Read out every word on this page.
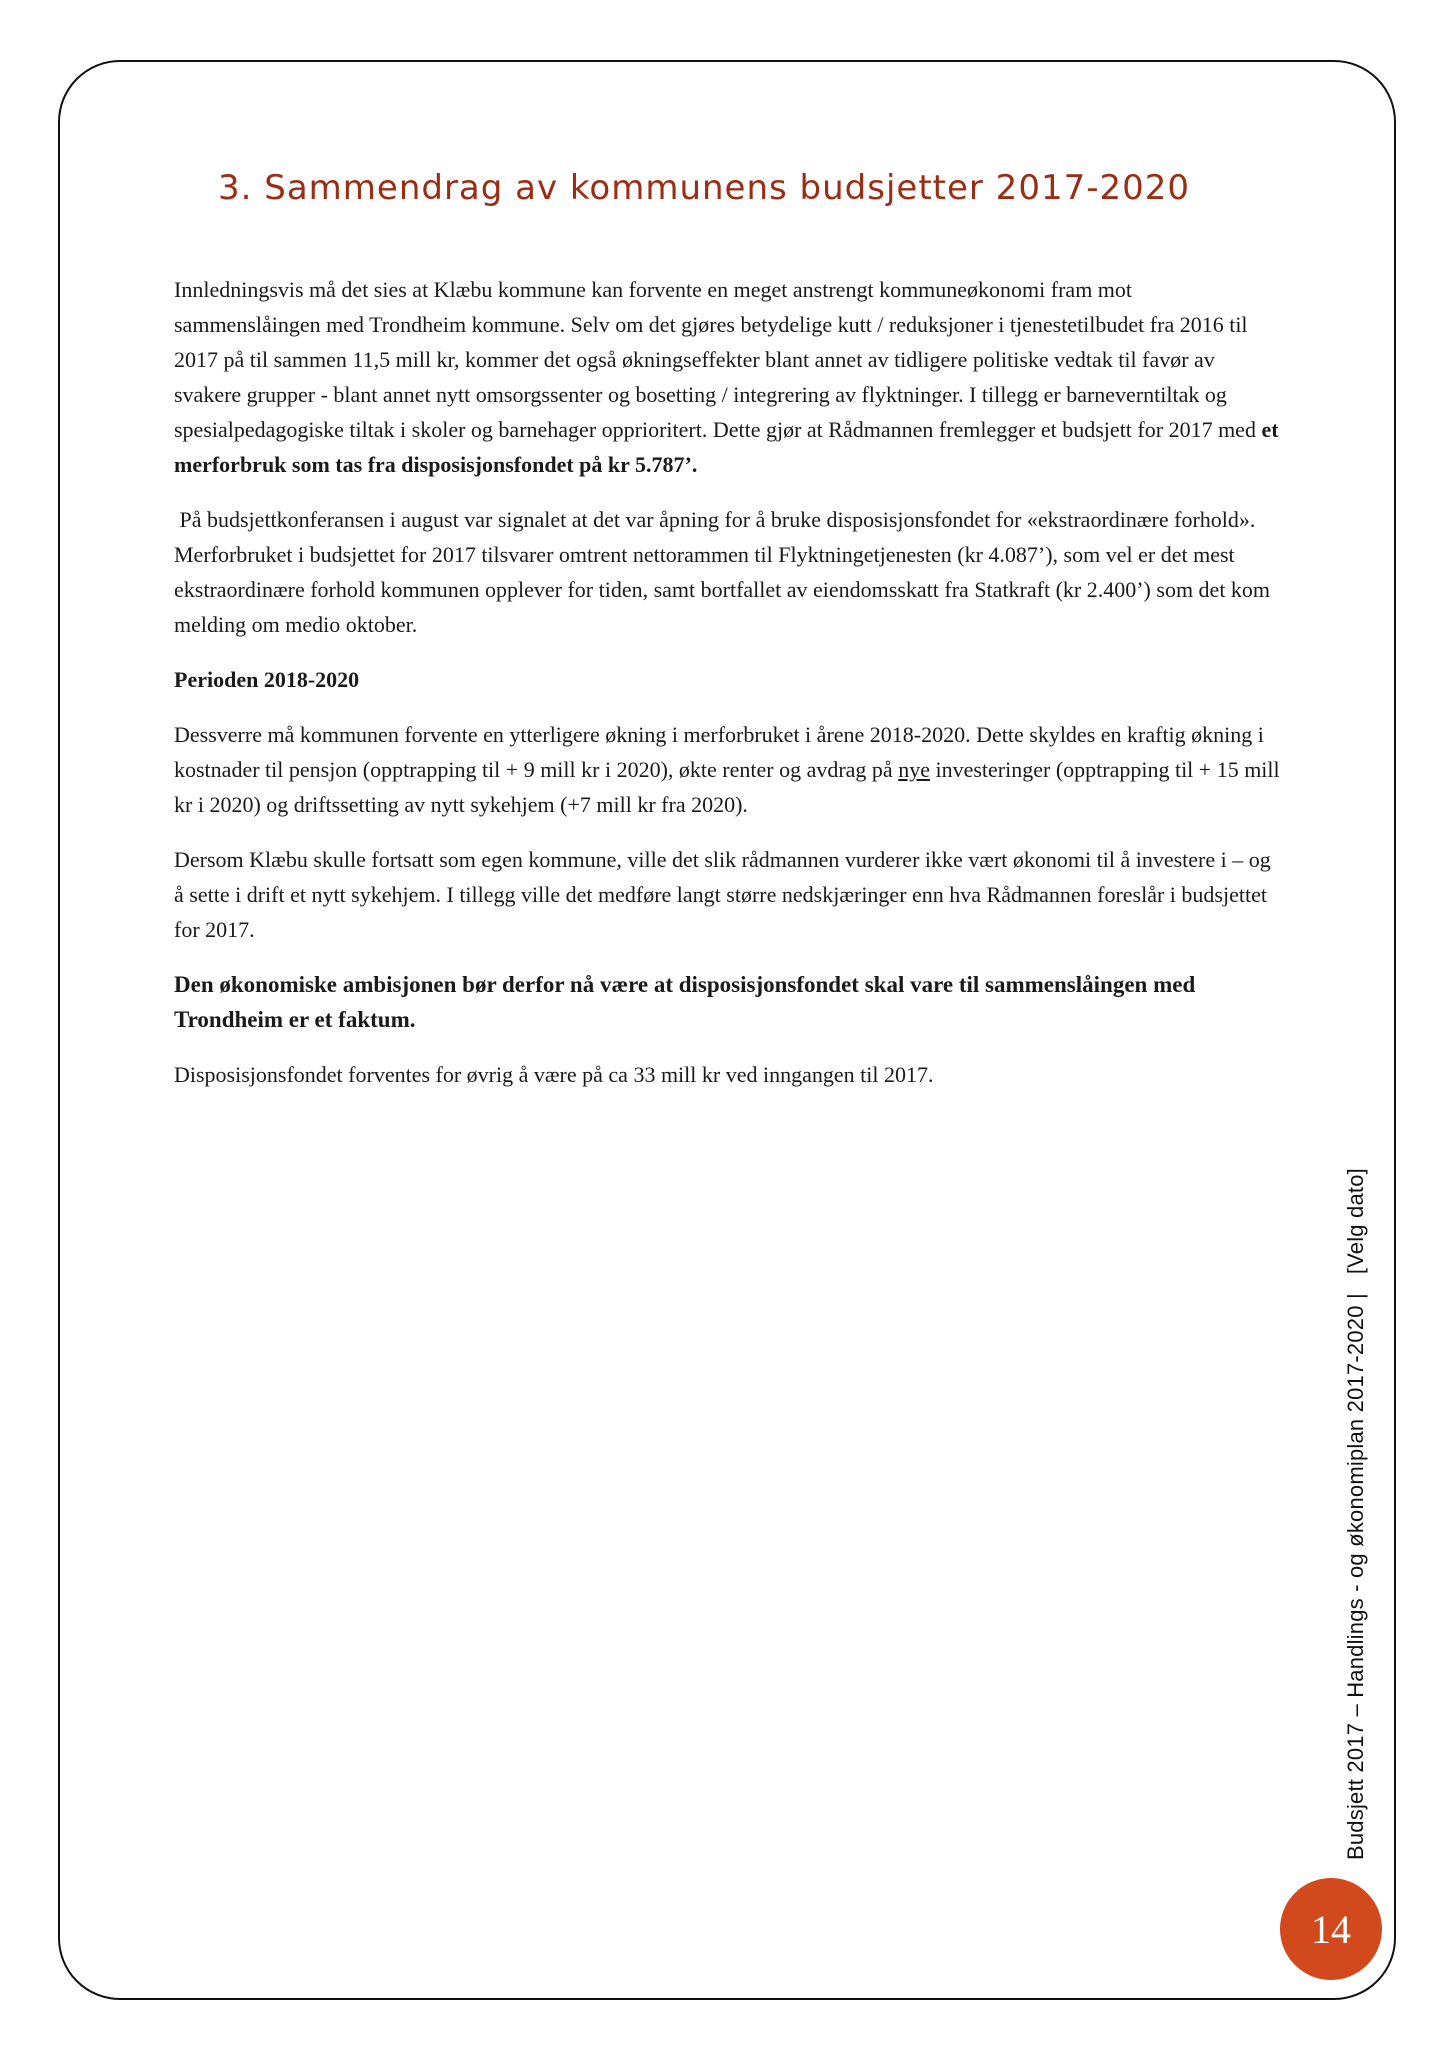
3. Sammendrag av kommunens budsjetter 2017-2020

Innledningsvis må det sies at Klæbu kommune kan forvente en meget anstrengt kommuneøkonomi fram mot sammenslåingen med Trondheim kommune. Selv om det gjøres betydelige kutt / reduksjoner i tjenestetilbudet fra 2016 til 2017 på til sammen 11,5 mill kr, kommer det også økningseffekter blant annet av tidligere politiske vedtak til favør av svakere grupper - blant annet nytt omsorgssenter og bosetting / integrering av flyktninger. I tillegg er barneverntiltak og spesialpedagogiske tiltak i skoler og barnehager opprioritert. Dette gjør at Rådmannen fremlegger et budsjett for 2017 med et merforbruk som tas fra disposisjonsfondet på kr 5.787’.

På budsjettkonferansen i august var signalet at det var åpning for å bruke disposisjonsfondet for «ekstraordinære forhold». Merforbruket i budsjettet for 2017 tilsvarer omtrent nettorammen til Flyktningetjenesten (kr 4.087’), som vel er det mest ekstraordinære forhold kommunen opplever for tiden, samt bortfallet av eiendomsskatt fra Statkraft (kr 2.400’) som det kom melding om medio oktober.

Perioden 2018-2020

Dessverre må kommunen forvente en ytterligere økning i merforbruket i årene 2018-2020. Dette skyldes en kraftig økning i kostnader til pensjon (opptrapping til + 9 mill kr i 2020), økte renter og avdrag på nye investeringer (opptrapping til + 15 mill kr i 2020) og driftssetting av nytt sykehjem (+7 mill kr fra 2020).

Dersom Klæbu skulle fortsatt som egen kommune, ville det slik rådmannen vurderer ikke vært økonomi til å investere i – og å sette i drift et nytt sykehjem. I tillegg ville det medføre langt større nedskjæringer enn hva Rådmannen foreslår i budsjettet for 2017.

Den økonomiske ambisjonen bør derfor nå være at disposisjonsfondet skal vare til sammenslåingen med Trondheim er et faktum.

Disposisjonsfondet forventes for øvrig å være på ca 33 mill kr ved inngangen til 2017.

Budsjett 2017 – Handlings - og økonomiplan 2017-2020 |   [Velg dato]
14
